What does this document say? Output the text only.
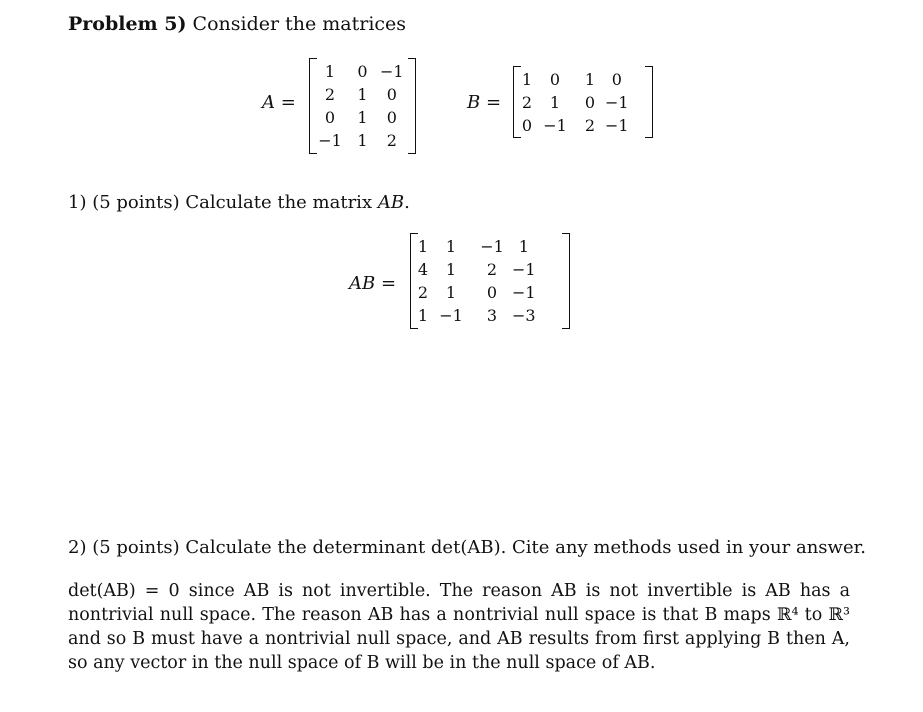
Problem 5) Consider the matrices
A =
1	0	−1
2	1	0
0	1	0
−1	1	2
B =
1	0	1	0
2	1	0	−1
0	−1	2	−1
1) (5 points) Calculate the matrix AB.
AB =
1	1	−1	1
4	1	2	−1
2	1	0	−1
1	−1	3	−3
2) (5 points) Calculate the determinant det(AB). Cite any methods used in your answer.

det(AB) = 0 since AB is not invertible. The reason AB is not invertible is AB has a nontrivial null space. The reason AB has a nontrivial null space is that B maps ℝ⁴ to ℝ³ and so B must have a nontrivial null space, and AB results from first applying B then A, so any vector in the null space of B will be in the null space of AB.
